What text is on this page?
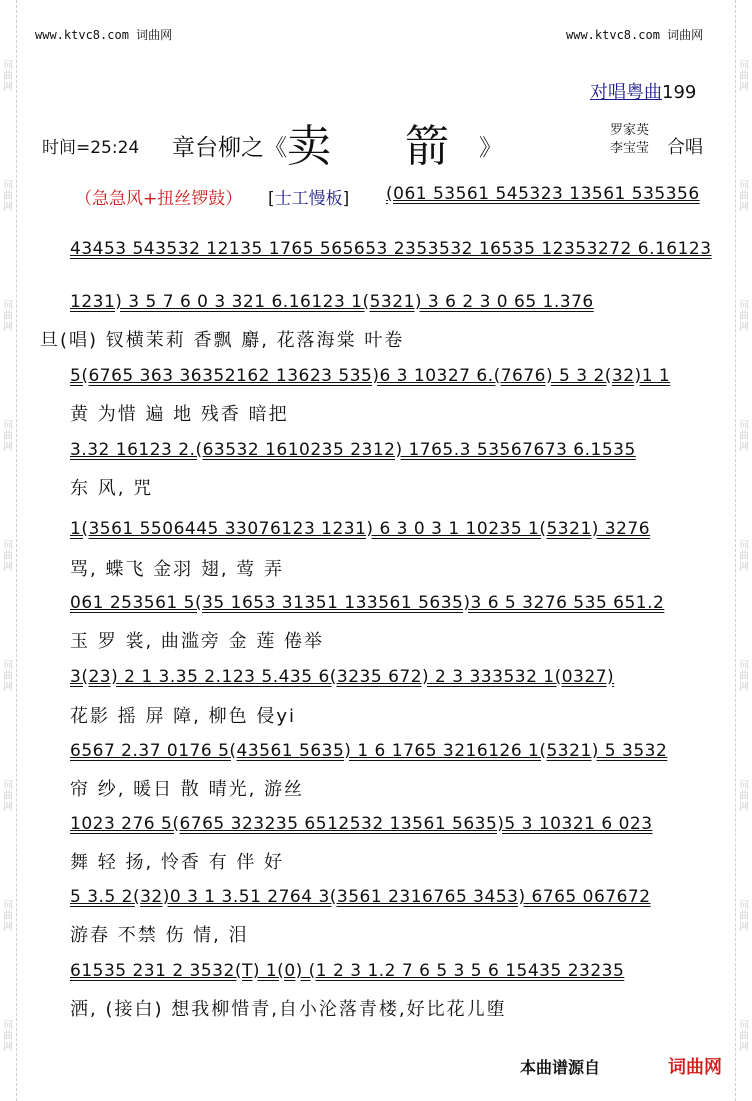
词
曲
网
词
曲
网
词
曲
网
词
曲
网
词
曲
网
词
曲
网
词
曲
网
词
曲
网
词
曲
网
词
曲
网
词
曲
网
词
曲
网
词
曲
网
词
曲
网
词
曲
网
词
曲
网
词
曲
网
词
曲
网
www.ktvc8.com 词曲网	www.ktvc8.com 词曲网
对唱粤曲199
时间=25:24 章台柳之《卖 箭》
罗家英
李宝莹 合唱
（急急风+扭丝锣鼓） [士工慢板] (061 53561 545323 13561 535356
43453 543532 12135 1765 565653 2353532 16535 12353272 6.16123
1231) 3 5 7 6 0 3 321 6.16123 1(5321) 3 6 2 3 0 65 1.376
旦(唱) 钗横茉莉 香飘 麝, 花落海棠 叶卷
5(6765 363 36352162 13623 535)6 3 10327 6.(7676) 5 3 2(32)1 1
黄 为惜 遍 地 残香 暗把
3.32 16123 2.(63532 1610235 2312) 1765.3 53567673 6.1535
东 风, 咒
1(3561 5506445 33076123 1231) 6 3 0 3 1 10235 1(5321) 3276
骂, 蝶飞 金羽 翅, 莺 弄
061 253561 5(35 1653 31351 133561 5635)3 6 5 3276 535 651.2
玉 罗 裳, 曲滥旁 金 莲 倦举
3(23) 2 1 3.35 2.123 5.435 6(3235 672) 2 3 333532 1(0327)
花影 摇 屏 障, 柳色 侵yi
6567 2.37 0176 5(43561 5635) 1 6 1765 3216126 1(5321) 5 3532
帘 纱, 暖日 散 晴光, 游丝
1023 276 5(6765 323235 6512532 13561 5635)5 3 10321 6 023
舞 轻 扬, 怜香 有 伴 好
5 3.5 2(32)0 3 1 3.51 2764 3(3561 2316765 3453) 6765 067672
游春 不禁 伤 情, 泪
61535 231 2 3532(T) 1(0) (1 2 3 1.2 7 6 5 3 5 6 15435 23235
洒, (接白) 想我柳惜青,自小沦落青楼,好比花儿堕
本曲谱源自	词曲网
